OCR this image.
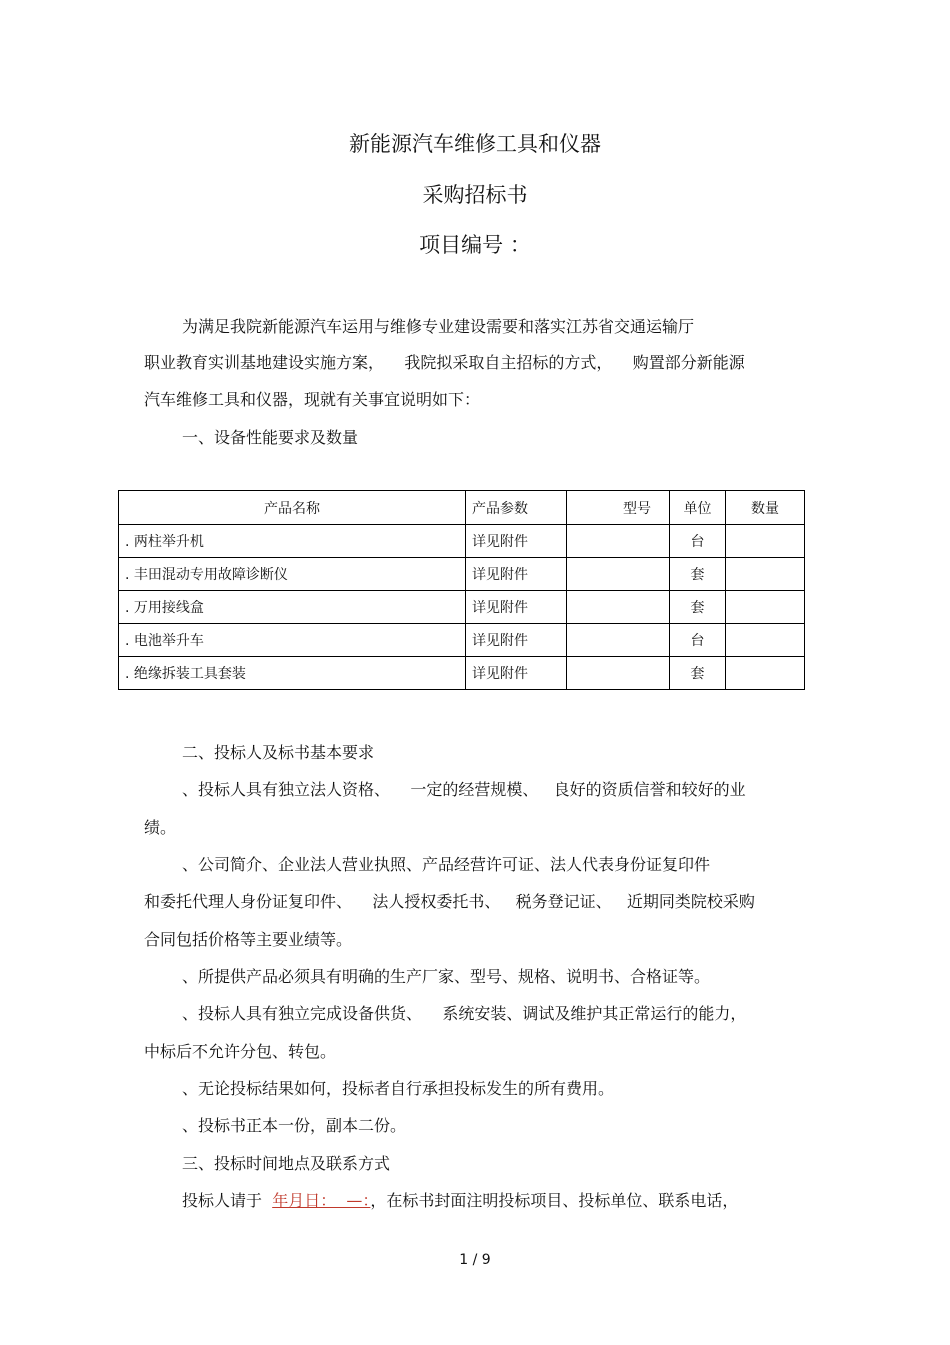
新能源汽车维修工具和仪器
采购招标书
项目编号 ：
为满足我院新能源汽车运用与维修专业建设需要和落实江苏省交通运输厅
职业教育实训基地建设实施方案，    我院拟采取自主招标的方式，    购置部分新能源
汽车维修工具和仪器，现就有关事宜说明如下：
一、设备性能要求及数量
产品名称	产品参数	型号	单位	数量
. 两柱举升机	详见附件		台	
. 丰田混动专用故障诊断仪	详见附件		套	
. 万用接线盒	详见附件		套	
. 电池举升车	详见附件		台	
. 绝缘拆装工具套装	详见附件		套	
二、投标人及标书基本要求
、投标人具有独立法人资格、    一定的经营规模、   良好的资质信誉和较好的业
绩。
、公司简介、企业法人营业执照、产品经营许可证、法人代表身份证复印件
和委托代理人身份证复印件、    法人授权委托书、   税务登记证、   近期同类院校采购
合同包括价格等主要业绩等。
、所提供产品必须具有明确的生产厂家、型号、规格、说明书、合格证等。
、投标人具有独立完成设备供货、    系统安装、调试及维护其正常运行的能力，
中标后不允许分包、转包。
、无论投标结果如何，投标者自行承担投标发生的所有费用。
、投标书正本一份，副本二份。
三、投标时间地点及联系方式
投标人请于  年月日：  —：，在标书封面注明投标项目、投标单位、联系电话，
1 / 9
